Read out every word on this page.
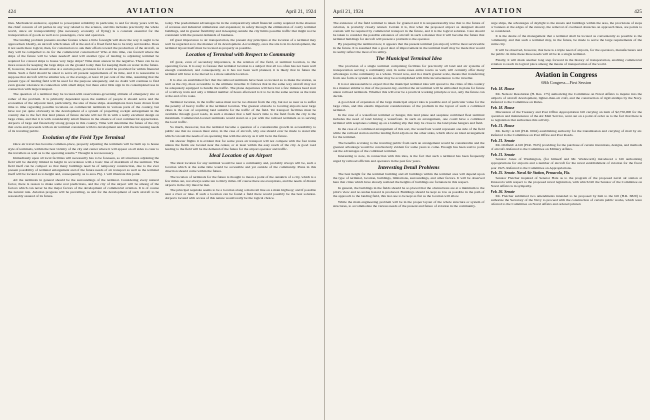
424	AVIATION	April 21, 1924

ities. Mechanical endeavor, applied to powerplant reliability in particular, is and for many years will be, the chief concern of all parties in any way related to the science, and this includes practically the whole world, since air transportability (the necessary economy of flying) is a constant essential for the transportation of goods as well as to passengers, crew and operators.

The landing problem presents another feature where a little foresight will show the way it ought to be approached. Ideally, an aircraft which takes off at the end of a fixed field has to be truly serviceable. Does it not seem more logical, then, for constructors to ask their efforts toward the production of the aircraft, as they will be compelled to do for the commercial construction? Who at this time, can foretell where the ships of the future will be when needed? And will another type of landing to adjoining terminal be required for colored ships to house very large ships? Time must answer in the negative. There can be no more reason for keeping the large ships on the ground today than for keeping them on water in the future. If, however, the need should arise at a certain point, provision for it could be provided for within financial limits. Such a field should be sized to serve all present requirements of its time, and it is reasonable to suppose that aircraft will be smaller ten, or the average, at least 10 per cent of the time, assuming that the present type of landing field will be used for the purpose adequately, and no doubt will continue to find even greater tolerance in connection with small ships; but there exist little sign in its contemplated use in connection with large transport.

The question of a terminal may be located-with reservations-governing altitude of emergency site or rather of the problem. It is primarily dependent upon the number of people it should serve and the economies of the adjacent land, particularly, the size of these ships. Assumptions have been drawn from time to time regarding possible locations on commercial terminals in various parts of the country, but have not yet quite obviously in the development of a system of propelling cockpit enlargement in the country due to the fact that land planes of future decade will not fit in with a really excellent design on large cities, and that it is with considerably small finance in the absence of real commercial appreciation. Airports of large and financially strong groups in this country. Time will determine the future of the city that owns and proceeds with an air terminal consistent with its development and with the increasing needs of its traveling public.

Evolution of the Field Type Terminal

Once air travel has become common-place, properly adjusting the terminals will be built up to house style of terminals, within the best vicinity of the city and center where it will appear on all sides to cater to the travellers as well as to the operating results.* Thought is not necessary.

Immediately upon all local facilities will necessarily has to be foreseen, so all structures adjoining the field will be durably limited in height in accordance with a basic line of maximum of the terminal. The field itself can be compact so that many buildings need be of temporary construction, due to the ever present possibility of terminal enlargement and of the future needs of air transport as well as the terminal itself will be located as to height and, consequently, as to area. Fig. 1 will illustrate this point.

All the terminals in general should be the surroundings of the terminal. Considering every natural factor, there is reason to make some real predictions, and the city of the airport will be among of the factors which can never be the major factors of the development of commercial aviation. It is of course the natural rule. Aviation progress will be prevailing, as and for the development of such aircraft to be reasonably assured of its future.

today. The predominant advantages lie in the comparatively small financial outlay required in the absence of revenue and industrial stimulation and expansion; in safety through the elimination of costly terminal buildings, and in greater flexibility and in keeping outside the city limits possible traffic that might not be consistent with the present demands of business.

Of great importance to air transportation, the present day principles at the location of a terminal may well be regarded as to the manner of its development. Accordingly, once the site is in its development, the terminal layout itself must be located as properly as possible.

Location of Terminal with Respect to Community

Of great, even of secondary importance, is the relation of the field, at terminal location, to the operating focus. It is easy to foresee that terminal location is a subject that all too often has not been well enough considered, and consequently, as it has not been well planned, it is likely that in future the terminal will have to be moved to a more suitable location.

It is also an established fact that the railroad terminals have been so located as to make the station, as well as the city, most accessible to the ultimate traveller. It follows that in the same way aircraft may not be adequately equipped to handle the traffic. The plane departures will have but a few minutes head start of a railway train and only a limited number of hours afterward is it to be in the same section as the train at the end of its route.

Terminal location, in the traffic sense must not be too distant from the city, but not so near as to suffer the penalty of heavy traffic at the terminal location. The greatest obstacle to locating airports near large cities is the cost of acquiring land suitable for the traffic of the field. Yet transport facilities must be available through good roads, in such a manner that a half hour's time to the field from the city is the maximum. Commercial-located terminals would stand on a par with the railroad terminals as to serving the local traffic.

So much, moreover, has the terminal become a question of a considerable growth in accessibility to public use that no reason must exist, in the case of aircraft, why one should ever be made to stand idle which can suit the needs of an operating line with the airway as it will be in the future.

On shorter flights it is evident that for some years air transport will not compete with the fast trains unless the fields are located near the center, or at least within the easy reach of the city. A good road leading to the field will be the demand of the future for the airport operator and traffic.

Ideal Location of an Airport

The ideal location for any terminal would be near a community and, probably always will be, such a location which at the same time would be accessible and yet outside of the community. Plans in this direction should come within the future.

The location of terminals for the future is thought to mean a point of the outskirts of a city, which is a few miles out, not always some ten to thirty miles. Of course there are exceptions, and the needs of distant airports in the city must be met.

The principal requisite seems to be a location along a main rail line on a main highway; and if possible near a river or lake. If such a location can be found a field there would possibly be the best solution. Airports located with access of this nature would really be the logical choice.

April 21, 1924	AVIATION	425

The existence of the field terminal is taken for granted and it is unquestionably true that to the future of aviation, is probably closely related. Certain it is, that what the proposed airport as designed should contain will be required by commercial transport in the future, and it is the logical solution. Care should be taken to consider the possible existence of aircraft in such a manner that it will become the future that terminal buildings for aircraft will present a problem to the operator.

By preparing the terminal now, it appears that the present terminal (an airport) will be most serviceable in the future. It is assumed that a good deal of improvement in the terminal itself may be made that would in reality reflect the most of its utility.

The Municipal Terminal Idea

The provision of a single terminal comprising facilities for practically all land and air systems of transportation serving a community and, in some cases entire towns as well, will certainly offer many advantages to the community as a whole. Travel now, and in a much greater scale, means that transferring from one form or system to another may be accomplished with little inconvenience to the traveller.

It is not unreasonable to expect that the municipal terminal idea will spread to the cities of this country in a manner similar to that of the present day, and that the air terminal will be embodied in plans for future union railroad terminals. Whether this will ever be a practical working principle or not, only the future can decide.

A good deal of expansion of the large municipal airport idea is possible and of particular value for the large cities, and this entails important considerations of the problem in the layout of such a combined terminal.

In the case of a waterfront terminal or hangar, this land plane and seaplane combined fleet terminal includes the need of land having a waterfront. In such an arrangement, one could have a combined terminal with seaplanes coming up on a landing slip that may be close to the land plane hangars and field.

In the case of a combined arrangement of this sort, the waterfront would represent one side of the field while the railroad station and the landing field adjoin on the other sides, which allow an ideal arrangement for the terminal.

The benefits accruing to the traveling public from such an arrangement would be considerable and the greatest advantage would be conclusively evident for some years to come. Enough has been said to point out the advantages of the combined terminal.

Interesting to note, in connection with this idea, is the fact that such a terminal has been frequently urged by railroad officials and operators in the past few years.

Interesting Detail Problems

The best height for the terminal building and all buildings within the terminal area will depend upon the type of terminal, location, buildings, limitations, surroundings, and other factors. It will be observed here that cities which have already realized the heights of buildings are fortunate in this respect.

In general, the buildings in the fields should be so placed that the obstructions are at a minimum to the pilot's view and no undue hazard is produced. Buildings should be kept as low as possible in the path of the approach to the landing field, this last one to be kept as flat as the location will allow.

While the main engineering problem will be in the proper layout of the whole structure or system of structures, to accommodate the various needs of the present and future of aviation in the community.

large ships, the advantages of daylight to the streets and buildings within the area, the provisions of steps or banners at the edges of the runway, the removal of overhead obstacles on approach lines, are points to be considered.

It is the desire of the management that a terminal shall be located as conveniently as possible to the community, and that such a terminal may, in the future, be made to serve the large requirements of the entire city.

It will be observed, however, that here is a triple need of airports, for the operators, manufacturers and the public. In time these three needs will all be in a single terminal.

Finally, it will mark another long step forward in the history of transportation, enabling commercial aviation to reach its logical place among the means of transportation of the world.

Aviation in Congress
68th Congress—First Session
Feb. 18. House

Mr. Nelson: Resolution (H. Res. 175) authorizing the Committee on Naval Affairs to inquire into the subjects of aircraft development, lighter-than-air craft, and the construction of rigid airships by the Navy. Referred to the Committee on Rules.

Feb. 18. House

Discussion of the Treasury and Post Office Appropriation bill carrying an item of $2,750,000 for the operation and maintenance of the Air Mail Service, went out on a point of order as to the fact that there is no legislation that authorizes this activity.

Feb. 21. House

Mr. Kelly: A bill (H.R. 6042) establishing authority for the transmission and carrying of mail by air. Referred to the Committee on Post Office and Post Roads.

Feb. 21. Senate

Mr. Oldfield: A bill (H.R. 7025) providing for the purchase of certain inventions, designs, and methods of aircraft. Referred to the Committee on Military Affairs.

Feb. 21. Senate

Senator Jones of Washington, (for himself and Mr. Wadsworth) introduced a bill authorizing appropriations for airports and a number of aircraft for the naval establishment of aviation for the fiscal year 1925. Referred to the Committee on Appropriations.

Feb. 25. Senate. Naval Air Station, Pensacola, Fla.

Senator Fletcher inquired of Senator Hale as to the program of the proposed naval air station at Pensacola with respect to the proposed naval legislation, with which bill the Senator of the Committee on Naval Affairs is in sympathy.

Feb. 26. Senate

Mr. Fletcher submitted two amendments intended to be proposed by him to the bill (H.R. 6820) to authorize the Secretary of the Navy to proceed with the construction of certain public works, which were referred to the Committee on Naval Affairs and ordered printed.
